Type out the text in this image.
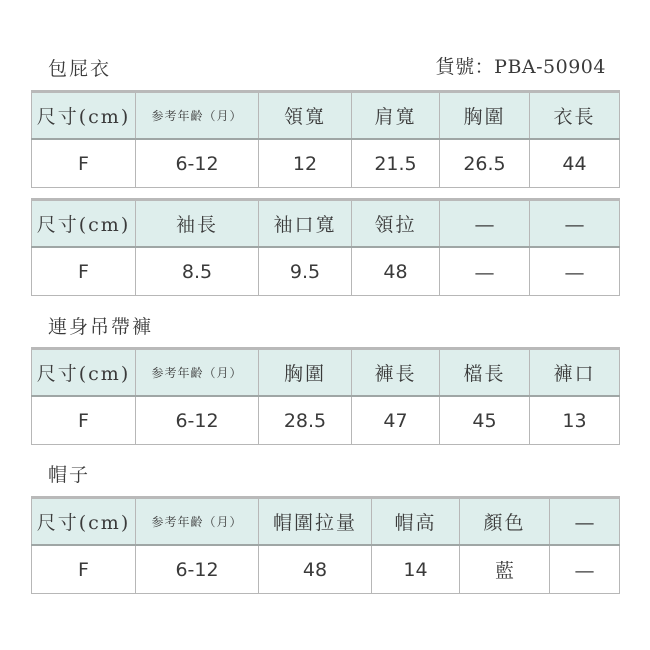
包屁衣	貨號：PBA-50904
尺寸(cm)	参考年齡（月）	領寬	肩寬	胸圍	衣長
F	6-12	12	21.5	26.5	44
尺寸(cm)	袖長	袖口寬	領拉	—	—
F	8.5	9.5	48	—	—
連身吊帶褲
尺寸(cm)	参考年齡（月）	胸圍	褲長	檔長	褲口
F	6-12	28.5	47	45	13
帽子
尺寸(cm)	参考年齡（月）	帽圍拉量	帽高	顏色	—
F	6-12	48	14	藍	—
